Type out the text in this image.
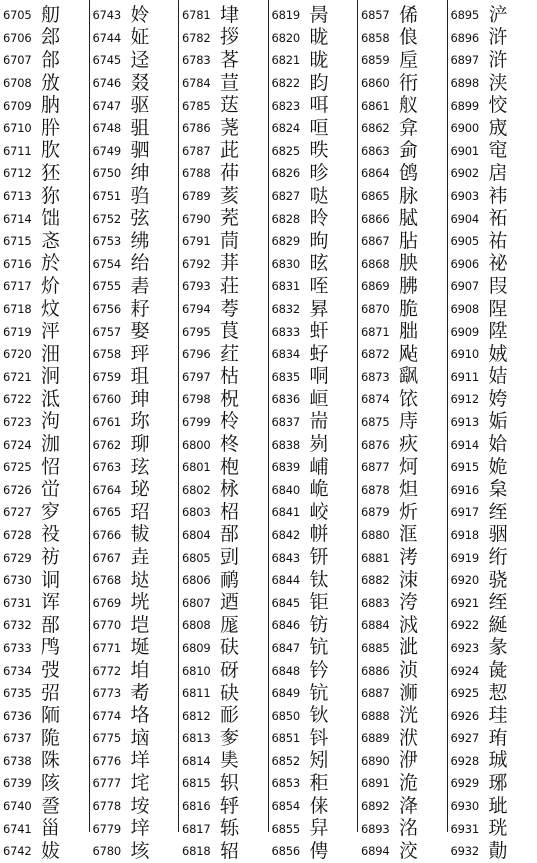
6705 舠
6706 郐
6707 郃
6708 攽
6709 肭
6710 肸
6711 肷
6712 狉
6713 狝
6714 饳
6715 忞
6716 於
6717 炌
6718 炆
6719 泙
6720 沺
6721 泂
6722 泜
6723 泃
6724 泇
6725 怊
6726 峃
6727 穸
6728 祋
6729 祊
6730 诇
6731 诨
6732 郚
6733 鸤
6734 弢
6735 弨
6736 陑
6737 陒
6738 陎
6739 陔
6740 巹
6741 甾
6742 妭
6743 姈
6744 姃
6745 迳
6746 叕
6747 驱
6748 驵
6749 驷
6750 绅
6751 驺
6752 弦
6753 绋
6754 绐
6755 砉
6756 耔
6757 娶
6758 玶
6759 珇
6760 珅
6761 珎
6762 珋
6763 玹
6764 珌
6765 玿
6766 韨
6767 垚
6768 垯
6769 垙
6770 垲
6771 埏
6772 垍
6773 耇
6774 垎
6775 垴
6776 垟
6777 垞
6778 垵
6779 垶
6780 垓
6781 垏
6782 拶
6783 茖
6784 荁
6785 荙
6786 荛
6787 茈
6788 茽
6789 荄
6790 茺
6791 茼
6792 荓
6793 荘
6794 荂
6795 茛
6796 荭
6797 枯
6798 柷
6799 柃
6800 柊
6801 枹
6802 栐
6803 柖
6804 郚
6805 剅
6806 鸸
6807 迺
6808 厖
6809 砆
6810 砑
6811 砄
6812 耏
6813 奓
6814 奊
6815 轵
6816 轷
6817 轹
6818 轺
6819 昺
6820 昽
6821 昽
6822 盷
6823 咡
6824 咺
6825 昳
6826 昣
6827 哒
6828 昤
6829 昫
6830 昡
6831 咥
6832 昪
6833 虷
6834 虸
6835 哃
6836 峘
6837 耑
6838 峛
6839 峬
6840 峗
6841 峧
6842 帡
6843 钘
6844 钛
6845 钜
6846 钫
6847 钪
6848 钤
6849 钪
6850 钬
6851 钭
6852 矧
6853 秬
6854 俫
6855 舁
6856 俜
6857 俙
6858 俍
6859 垕
6860 衎
6861 舣
6862 弇
6863 侴
6864 鸧
6865 脉
6866 脦
6867 胋
6868 胦
6869 胇
6870 脆
6871 胐
6872 飐
6873 飖
6874 饻
6875 庤
6876 疢
6877 炣
6878 炟
6879 炘
6880 洭
6881 洘
6882 洓
6883 洿
6884 㳚
6885 泚
6886 浈
6887 浉
6888 洸
6889 洑
6890 洢
6891 洈
6892 洚
6893 洺
6894 洨
6895 浐
6896 浒
6897 浒
6898 浃
6899 恔
6900 宬
6901 窀
6902 扂
6903 袆
6904 祏
6905 祐
6906 祕
6907 叚
6908 陧
6909 陞
6910 娀
6911 姞
6912 姱
6913 姤
6914 姶
6915 姽
6916 枲
6917 绖
6918 骃
6919 绗
6920 骁
6921 绖
6922 綖
6923 彖
6924 彘
6925 恝
6926 珪
6927 珛
6928 珹
6929 琊
6930 玼
6931 珖
6932 勣
